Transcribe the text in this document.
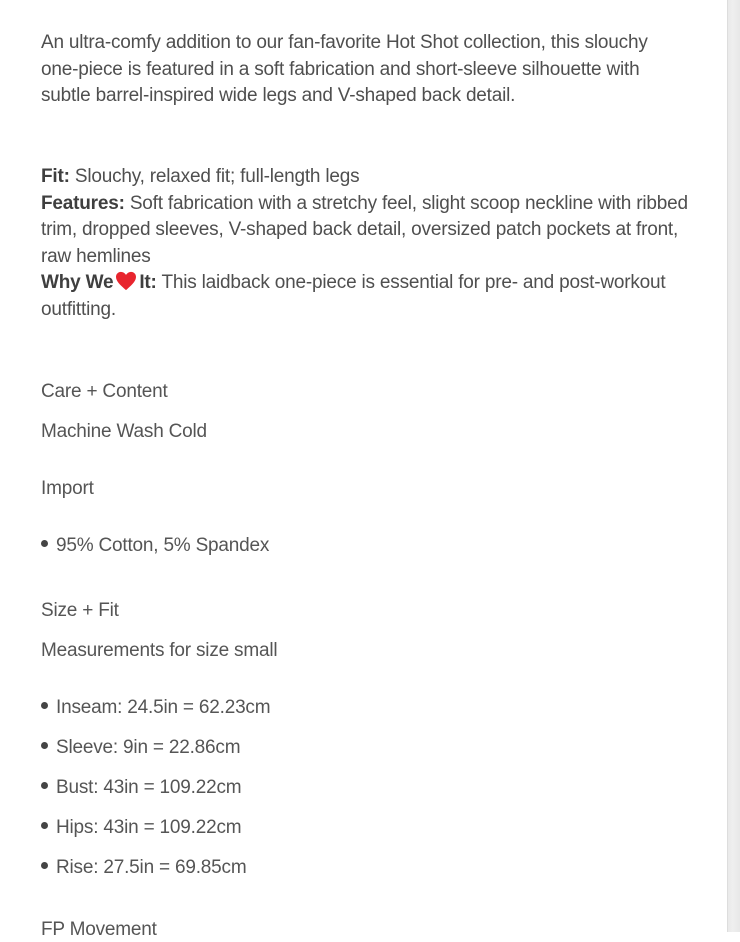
An ultra-comfy addition to our fan-favorite Hot Shot collection, this slouchy one-piece is featured in a soft fabrication and short-sleeve silhouette with subtle barrel-inspired wide legs and V-shaped back detail.

Fit: Slouchy, relaxed fit; full-length legs

Features: Soft fabrication with a stretchy feel, slight scoop neckline with ribbed trim, dropped sleeves, V-shaped back detail, oversized patch pockets at front, raw hemlines

Why We It: This laidback one-piece is essential for pre- and post-workout outfitting.

Care + Content
Machine Wash Cold
Import
95% Cotton, 5% Spandex
Size + Fit
Measurements for size small
Inseam: 24.5in = 62.23cm
Sleeve: 9in = 22.86cm
Bust: 43in = 109.22cm
Hips: 43in = 109.22cm
Rise: 27.5in = 69.85cm
FP Movement
